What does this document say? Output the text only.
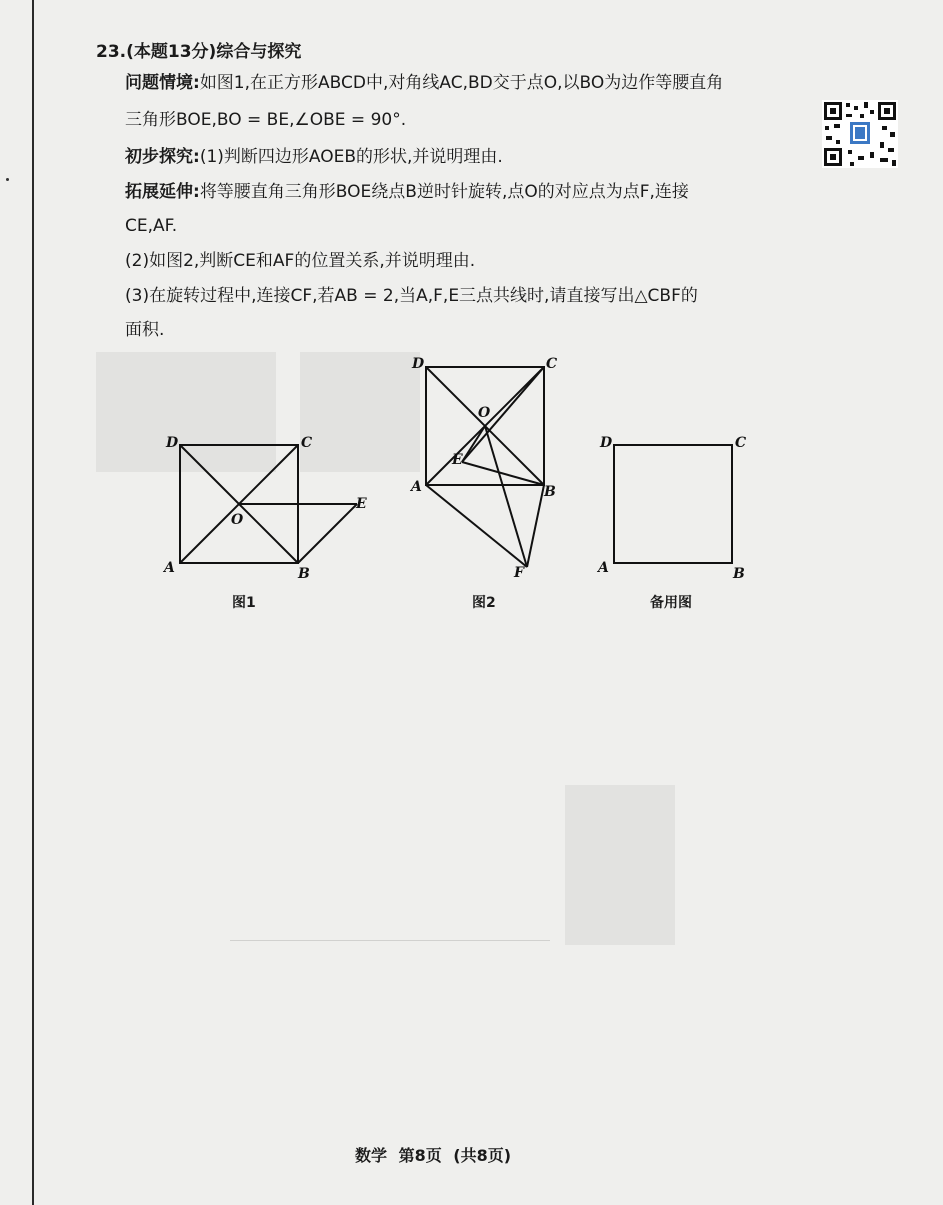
23.(本题13分)综合与探究
问题情境:如图1,在正方形ABCD中,对角线AC,BD交于点O,以BO为边作等腰直角
三角形BOE,BO = BE,∠OBE = 90°.
初步探究:(1)判断四边形AOEB的形状,并说明理由.
拓展延伸:将等腰直角三角形BOE绕点B逆时针旋转,点O的对应点为点F,连接
CE,AF.
(2)如图2,判断CE和AF的位置关系,并说明理由.
(3)在旋转过程中,连接CF,若AB = 2,当A,F,E三点共线时,请直接写出△CBF的
面积.
D	C
O
E
A	B
D	C
O
E
A	B
F
D	C
A	B
图1	图2	备用图
数学 第8页 (共8页)
